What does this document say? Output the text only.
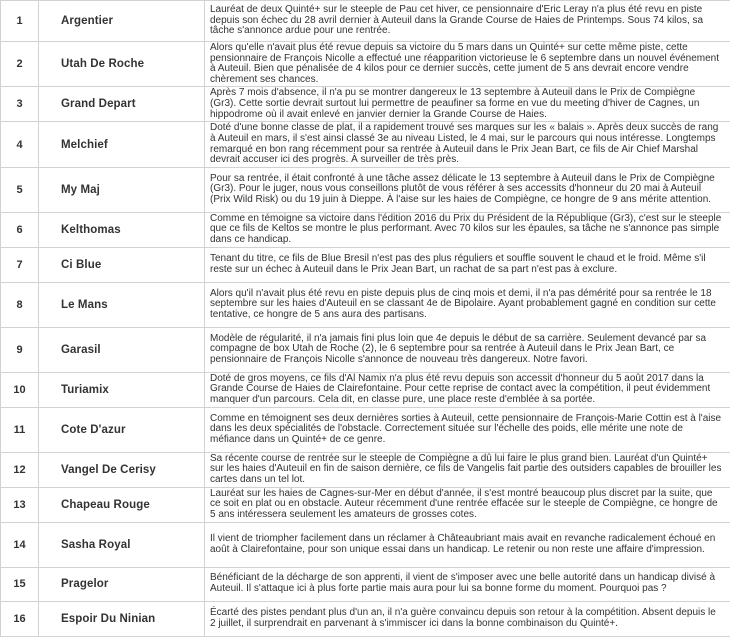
1	Argentier	Lauréat de deux Quinté+ sur le steeple de Pau cet hiver, ce pensionnaire d'Eric Leray n'a plus été revu en piste depuis son échec du 28 avril dernier à Auteuil dans la Grande Course de Haies de Printemps. Sous 74 kilos, sa tâche s'annonce ardue pour une rentrée.
2	Utah De Roche	Alors qu'elle n'avait plus été revue depuis sa victoire du 5 mars dans un Quinté+ sur cette même piste, cette pensionnaire de François Nicolle a effectué une réapparition victorieuse le 6 septembre dans un nouvel événement à Auteuil. Bien que pénalisée de 4 kilos pour ce dernier succès, cette jument de 5 ans devrait encore vendre chèrement ses chances.
3	Grand Depart	Après 7 mois d'absence, il n'a pu se montrer dangereux le 13 septembre à Auteuil dans le Prix de Compiègne (Gr3). Cette sortie devrait surtout lui permettre de peaufiner sa forme en vue du meeting d'hiver de Cagnes, un hippodrome où il avait enlevé en janvier dernier la Grande Course de Haies.
4	Melchief	Doté d'une bonne classe de plat, il a rapidement trouvé ses marques sur les « balais ». Après deux succès de rang à Auteuil en mars, il s'est ainsi classé 3e au niveau Listed, le 4 mai, sur le parcours qui nous intéresse. Longtemps remarqué en bon rang récemment pour sa rentrée à Auteuil dans le Prix Jean Bart, ce fils de Air Chief Marshal devrait accuser ici des progrès. À surveiller de très près.
5	My Maj	Pour sa rentrée, il était confronté à une tâche assez délicate le 13 septembre à Auteuil dans le Prix de Compiègne (Gr3). Pour le juger, nous vous conseillons plutôt de vous référer à ses accessits d'honneur du 20 mai à Auteuil (Prix Wild Risk) ou du 19 juin à Dieppe. À l'aise sur les haies de Compiègne, ce hongre de 9 ans mérite attention.
6	Kelthomas	Comme en témoigne sa victoire dans l'édition 2016 du Prix du Président de la République (Gr3), c'est sur le steeple que ce fils de Keltos se montre le plus performant. Avec 70 kilos sur les épaules, sa tâche ne s'annonce pas simple dans ce handicap.
7	Ci Blue	Tenant du titre, ce fils de Blue Bresil n'est pas des plus réguliers et souffle souvent le chaud et le froid. Même s'il reste sur un échec à Auteuil dans le Prix Jean Bart, un rachat de sa part n'est pas à exclure.
8	Le Mans	Alors qu'il n'avait plus été revu en piste depuis plus de cinq mois et demi, il n'a pas démérité pour sa rentrée le 18 septembre sur les haies d'Auteuil en se classant 4e de Bipolaire. Ayant probablement gagné en condition sur cette tentative, ce hongre de 5 ans aura des partisans.
9	Garasil	Modèle de régularité, il n'a jamais fini plus loin que 4e depuis le début de sa carrière. Seulement devancé par sa compagne de box Utah de Roche (2), le 6 septembre pour sa rentrée à Auteuil dans le Prix Jean Bart, ce pensionnaire de François Nicolle s'annonce de nouveau très dangereux. Notre favori.
10	Turiamix	Doté de gros moyens, ce fils d'Al Namix n'a plus été revu depuis son accessit d'honneur du 5 août 2017 dans la Grande Course de Haies de Clairefontaine. Pour cette reprise de contact avec la compétition, il peut évidemment manquer d'un parcours. Cela dit, en classe pure, une place reste d'emblée à sa portée.
11	Cote D'azur	Comme en témoignent ses deux dernières sorties à Auteuil, cette pensionnaire de François-Marie Cottin est à l'aise dans les deux spécialités de l'obstacle. Correctement située sur l'échelle des poids, elle mérite une note de méfiance dans un Quinté+ de ce genre.
12	Vangel De Cerisy	Sa récente course de rentrée sur le steeple de Compiègne a dû lui faire le plus grand bien. Lauréat d'un Quinté+ sur les haies d'Auteuil en fin de saison dernière, ce fils de Vangelis fait partie des outsiders capables de brouiller les cartes dans un tel lot.
13	Chapeau Rouge	Lauréat sur les haies de Cagnes-sur-Mer en début d'année, il s'est montré beaucoup plus discret par la suite, que ce soit en plat ou en obstacle. Auteur récemment d'une rentrée effacée sur le steeple de Compiègne, ce hongre de 5 ans intéressera seulement les amateurs de grosses cotes.
14	Sasha Royal	Il vient de triompher facilement dans un réclamer à Châteaubriant mais avait en revanche radicalement échoué en août à Clairefontaine, pour son unique essai dans un handicap. Le retenir ou non reste une affaire d'impression.
15	Pragelor	Bénéficiant de la décharge de son apprenti, il vient de s'imposer avec une belle autorité dans un handicap divisé à Auteuil. Il s'attaque ici à plus forte partie mais aura pour lui sa bonne forme du moment. Pourquoi pas ?
16	Espoir Du Ninian	Écarté des pistes pendant plus d'un an, il n'a guère convaincu depuis son retour à la compétition. Absent depuis le 2 juillet, il surprendrait en parvenant à s'immiscer ici dans la bonne combinaison du Quinté+.
